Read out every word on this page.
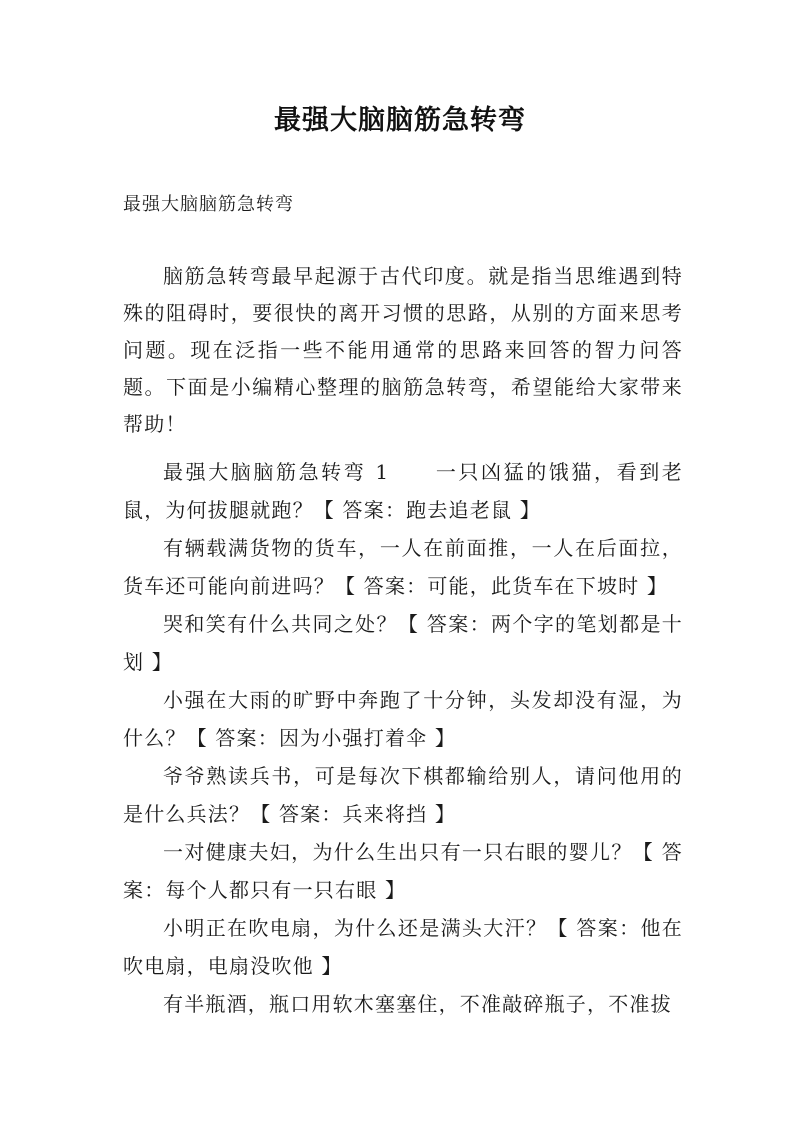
最强大脑脑筋急转弯
最强大脑脑筋急转弯

脑筋急转弯最早起源于古代印度。就是指当思维遇到特殊的阻碍时，要很快的离开习惯的思路，从别的方面来思考问题。现在泛指一些不能用通常的思路来回答的智力问答题。下面是小编精心整理的脑筋急转弯，希望能给大家带来帮助！

最强大脑脑筋急转弯 1　　一只凶猛的饿猫，看到老鼠，为何拔腿就跑？【 答案：跑去追老鼠 】

有辆载满货物的货车，一人在前面推，一人在后面拉，货车还可能向前进吗？【 答案：可能，此货车在下坡时 】

哭和笑有什么共同之处？【 答案：两个字的笔划都是十划 】

小强在大雨的旷野中奔跑了十分钟，头发却没有湿，为什么？【 答案：因为小强打着伞 】

爷爷熟读兵书，可是每次下棋都输给别人，请问他用的是什么兵法？【 答案：兵来将挡 】

一对健康夫妇，为什么生出只有一只右眼的婴儿？【 答案：每个人都只有一只右眼 】

小明正在吹电扇，为什么还是满头大汗？【 答案：他在吹电扇，电扇没吹他 】

有半瓶酒，瓶口用软木塞塞住，不准敲碎瓶子，不准拔
